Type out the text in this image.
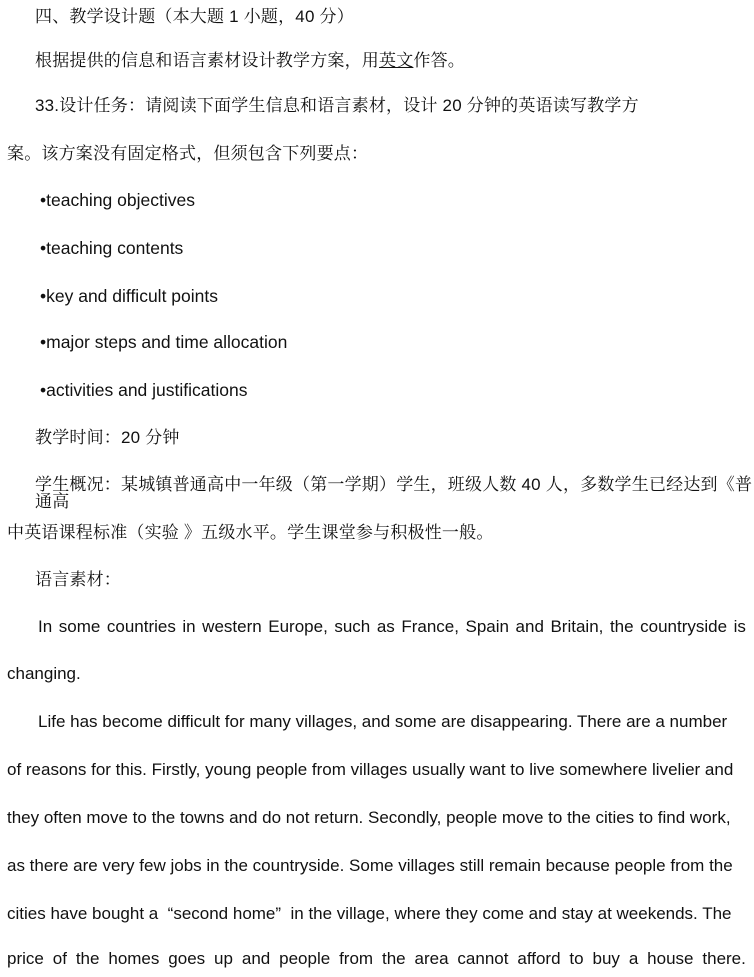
四、教学设计题（本大题 1 小题，40 分）
根据提供的信息和语言素材设计教学方案，用英文作答。
33.设计任务：请阅读下面学生信息和语言素材，设计 20 分钟的英语读写教学方
案。该方案没有固定格式，但须包含下列要点：
•teaching objectives
•teaching contents
•key and difficult points
•major steps and time allocation
•activities and justifications
教学时间：20 分钟
学生概况：某城镇普通高中一年级（第一学期）学生，班级人数 40 人，多数学生已经达到《普通高
中英语课程标准（实验 》五级水平。学生课堂参与积极性一般。
语言素材：
In some countries in western Europe, such as France, Spain and Britain, the countryside is
changing.
Life has become difficult for many villages, and some are disappearing. There are a number
of reasons for this. Firstly, young people from villages usually want to live somewhere livelier and
they often move to the towns and do not return. Secondly, people move to the cities to find work,
as there are very few jobs in the countryside. Some villages still remain because people from the
cities have bought a  “second home”  in the village, where they come and stay at weekends. The
price of the homes goes up and people from the area cannot afford to buy a house there.
